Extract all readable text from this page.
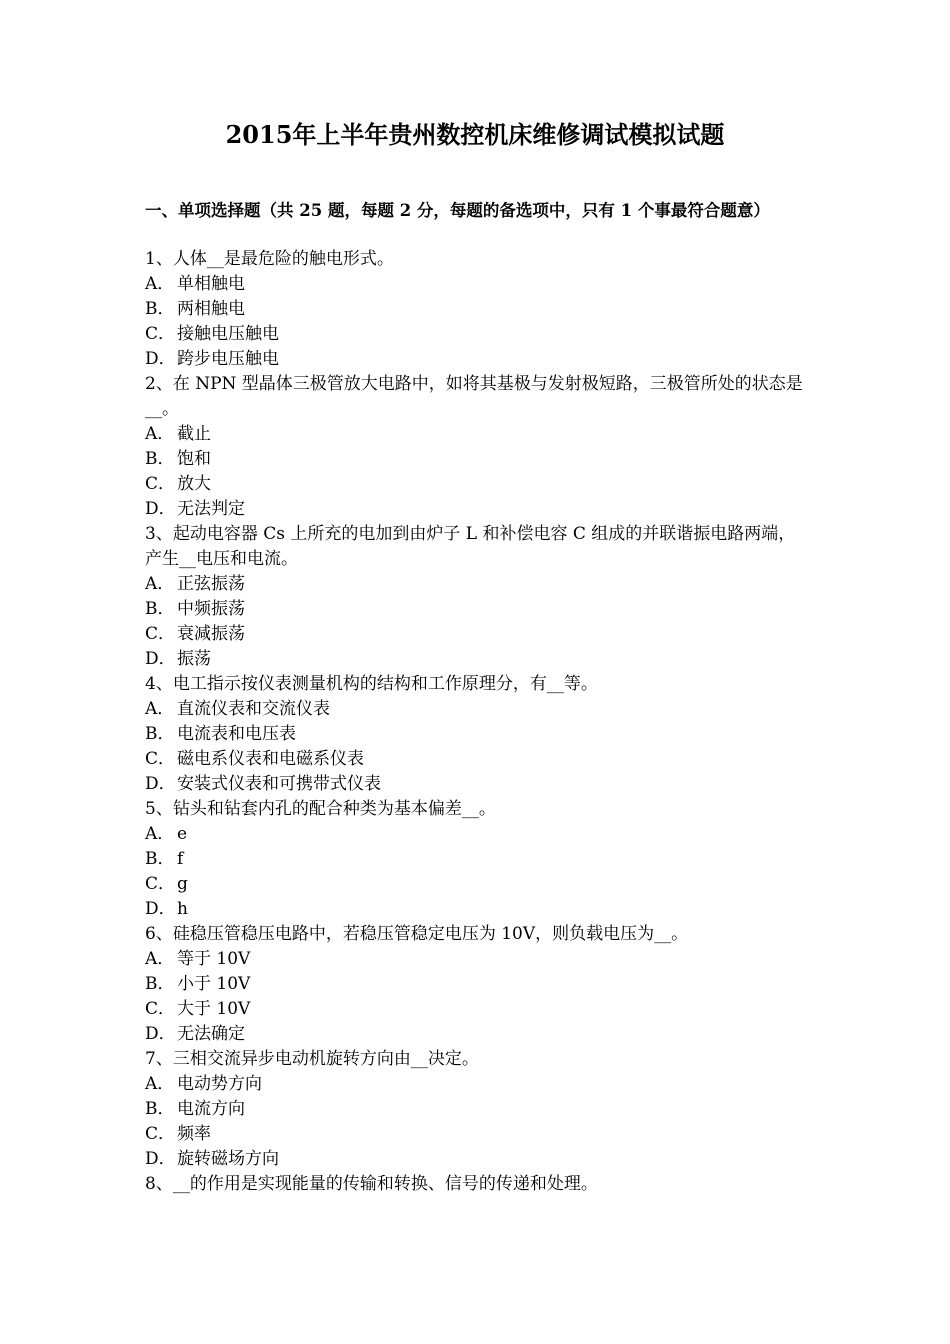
2015年上半年贵州数控机床维修调试模拟试题
一、单项选择题（共 25 题，每题 2 分，每题的备选项中，只有 1 个事最符合题意）
1、人体__是最危险的触电形式。
A． 单相触电
B． 两相触电
C． 接触电压触电
D．跨步电压触电
2、在 NPN 型晶体三极管放大电路中，如将其基极与发射极短路，三极管所处的状态是__。
A． 截止
B． 饱和
C． 放大
D．无法判定
3、起动电容器 Cs 上所充的电加到由炉子 L 和补偿电容 C 组成的并联谐振电路两端，产生__电压和电流。
A． 正弦振荡
B． 中频振荡
C． 衰减振荡
D．振荡
4、电工指示按仪表测量机构的结构和工作原理分，有__等。
A． 直流仪表和交流仪表
B． 电流表和电压表
C． 磁电系仪表和电磁系仪表
D．安装式仪表和可携带式仪表
5、钻头和钻套内孔的配合种类为基本偏差__。
A． e
B． f
C． g
D．h
6、硅稳压管稳压电路中，若稳压管稳定电压为 10V，则负载电压为__。
A． 等于 10V
B． 小于 10V
C． 大于 10V
D．无法确定
7、三相交流异步电动机旋转方向由__决定。
A． 电动势方向
B． 电流方向
C． 频率
D．旋转磁场方向
8、__的作用是实现能量的传输和转换、信号的传递和处理。
